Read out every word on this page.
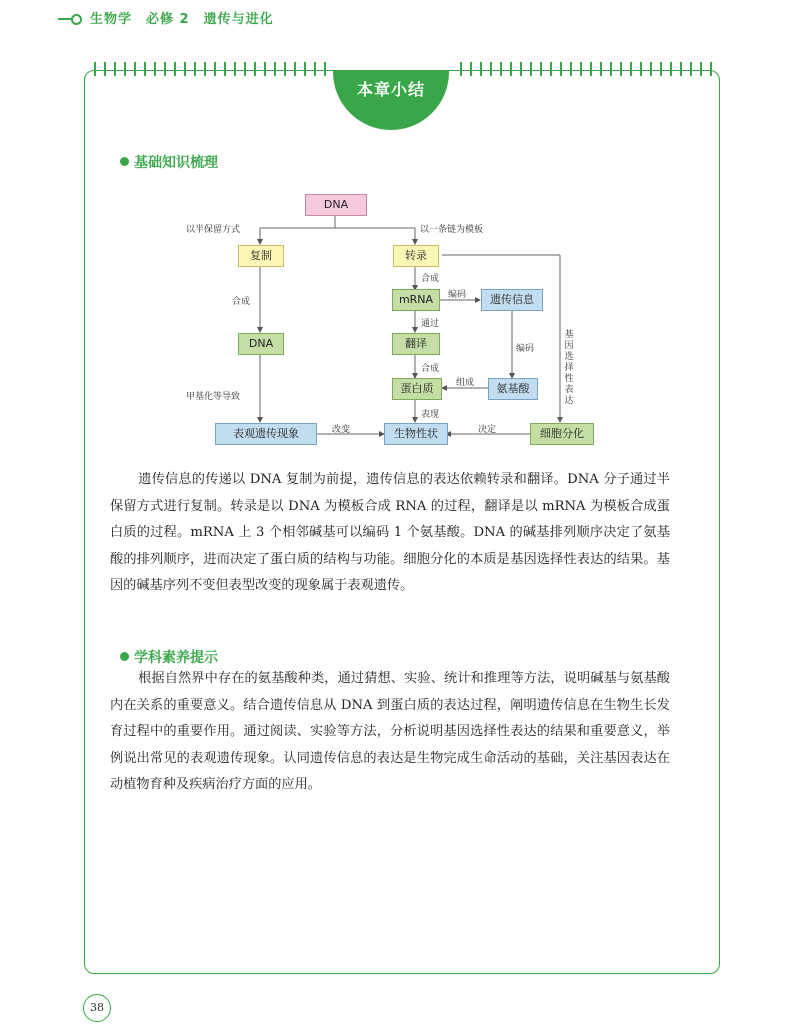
生物学　必修 2　遗传与进化
本章小结
基础知识梳理
DNA
复制	转录
DNA
mRNA	遗传信息
翻译
蛋白质	氨基酸
表观遗传现象	生物性状	细胞分化
以半保留方式	以一条链为模板
合成
合成
编码
通过
编码
合成
组成
甲基化等导致
改变
表现
决定
基因选择性表达
遗传信息的传递以 DNA 复制为前提，遗传信息的表达依赖转录和翻译。DNA 分子通过半保留方式进行复制。转录是以 DNA 为模板合成 RNA 的过程，翻译是以 mRNA 为模板合成蛋白质的过程。mRNA 上 3 个相邻碱基可以编码 1 个氨基酸。DNA 的碱基排列顺序决定了氨基酸的排列顺序，进而决定了蛋白质的结构与功能。细胞分化的本质是基因选择性表达的结果。基因的碱基序列不变但表型改变的现象属于表观遗传。
学科素养提示
根据自然界中存在的氨基酸种类，通过猜想、实验、统计和推理等方法，说明碱基与氨基酸内在关系的重要意义。结合遗传信息从 DNA 到蛋白质的表达过程，阐明遗传信息在生物生长发育过程中的重要作用。通过阅读、实验等方法，分析说明基因选择性表达的结果和重要意义，举例说出常见的表观遗传现象。认同遗传信息的表达是生物完成生命活动的基础，关注基因表达在动植物育种及疾病治疗方面的应用。
38
